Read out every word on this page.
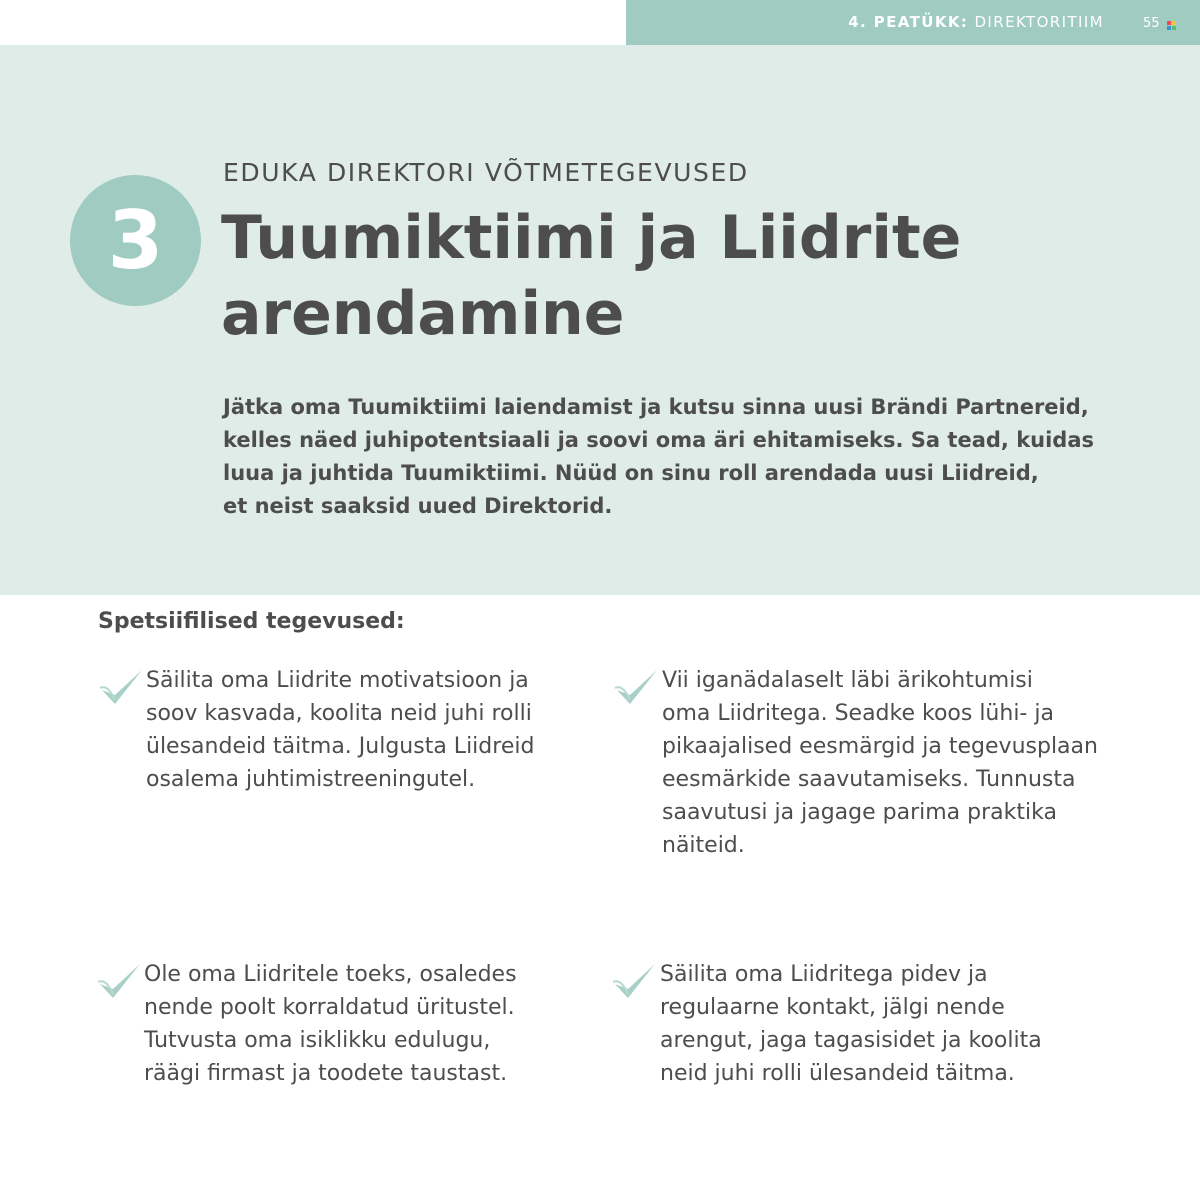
4. PEATÜKK: DIREKTORITIIM	55
3
EDUKA DIREKTORI VÕTMETEGEVUSED
Tuumiktiimi ja Liidrite
arendamine

Jätka oma Tuumiktiimi laiendamist ja kutsu sinna uusi Brändi Partnereid,
kelles näed juhipotentsiaali ja soovi oma äri ehitamiseks. Sa tead, kuidas
luua ja juhtida Tuumiktiimi. Nüüd on sinu roll arendada uusi Liidreid,
et neist saaksid uued Direktorid.

Spetsiifilised tegevused:

Säilita oma Liidrite motivatsioon ja
soov kasvada, koolita neid juhi rolli
ülesandeid täitma. Julgusta Liidreid
osalema juhtimistreeningutel.

Vii iganädalaselt läbi ärikohtumisi
oma Liidritega. Seadke koos lühi- ja
pikaajalised eesmärgid ja tegevusplaan
eesmärkide saavutamiseks. Tunnusta
saavutusi ja jagage parima praktika
näiteid.

Ole oma Liidritele toeks, osaledes
nende poolt korraldatud üritustel.
Tutvusta oma isiklikku edulugu,
räägi firmast ja toodete taustast.

Säilita oma Liidritega pidev ja
regulaarne kontakt, jälgi nende
arengut, jaga tagasisidet ja koolita
neid juhi rolli ülesandeid täitma.
